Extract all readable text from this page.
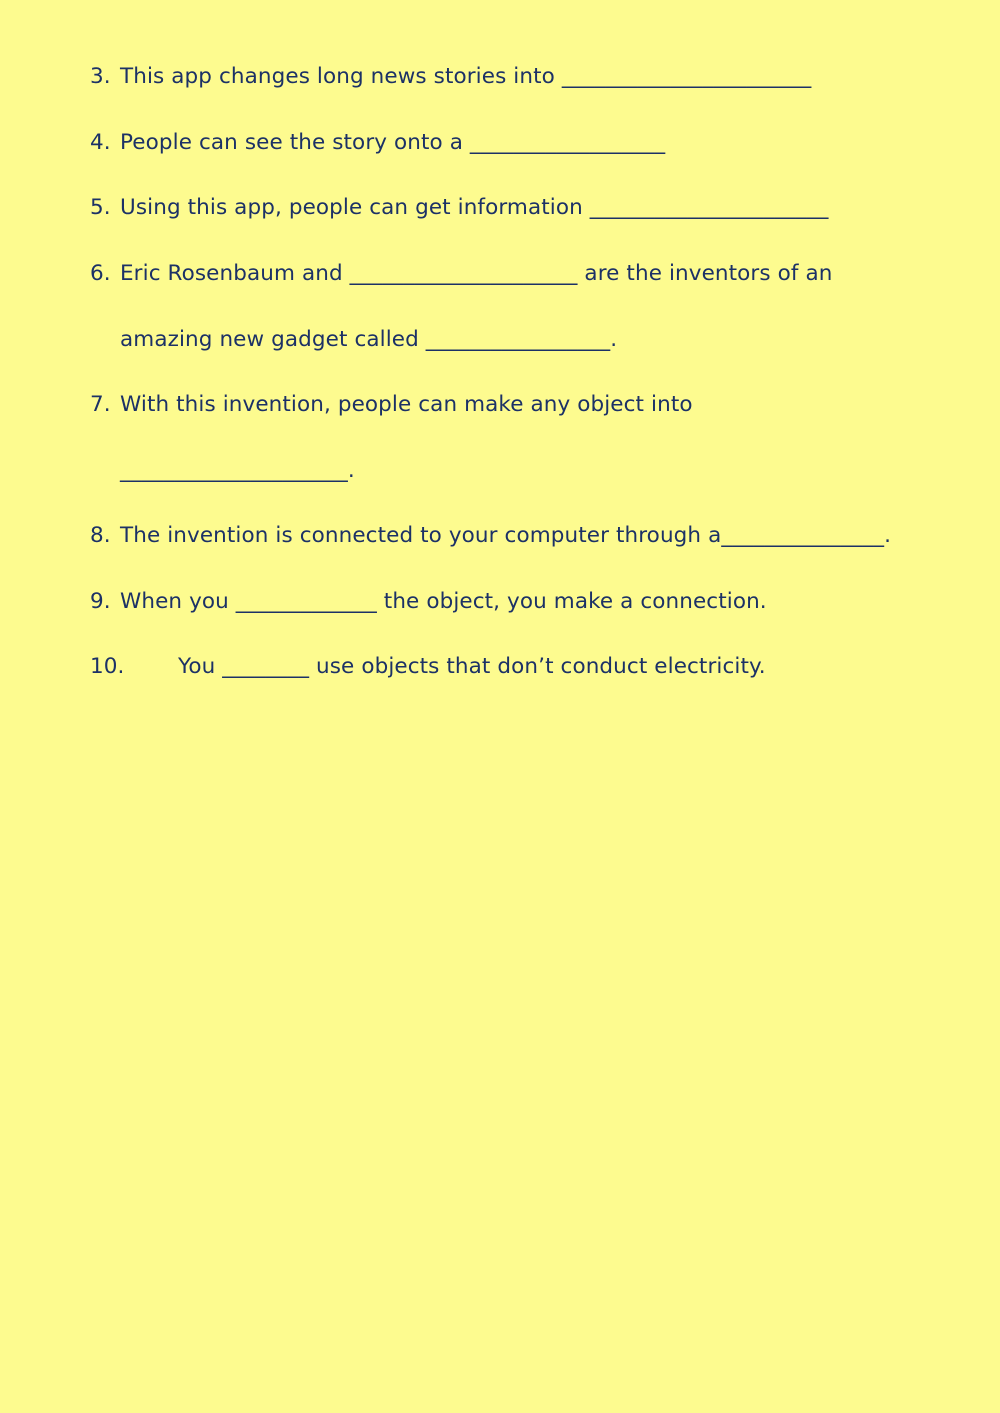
3. This app changes long news stories into _______________________
4. People can see the story onto a __________________
5. Using this app, people can get information ______________________
6. Eric Rosenbaum and _____________________ are the inventors of an
amazing new gadget called _________________.
7. With this invention, people can make any object into
_____________________.
8. The invention is connected to your computer through a_______________.
9. When you _____________ the object, you make a connection.
10. You ________ use objects that don’t conduct electricity.
